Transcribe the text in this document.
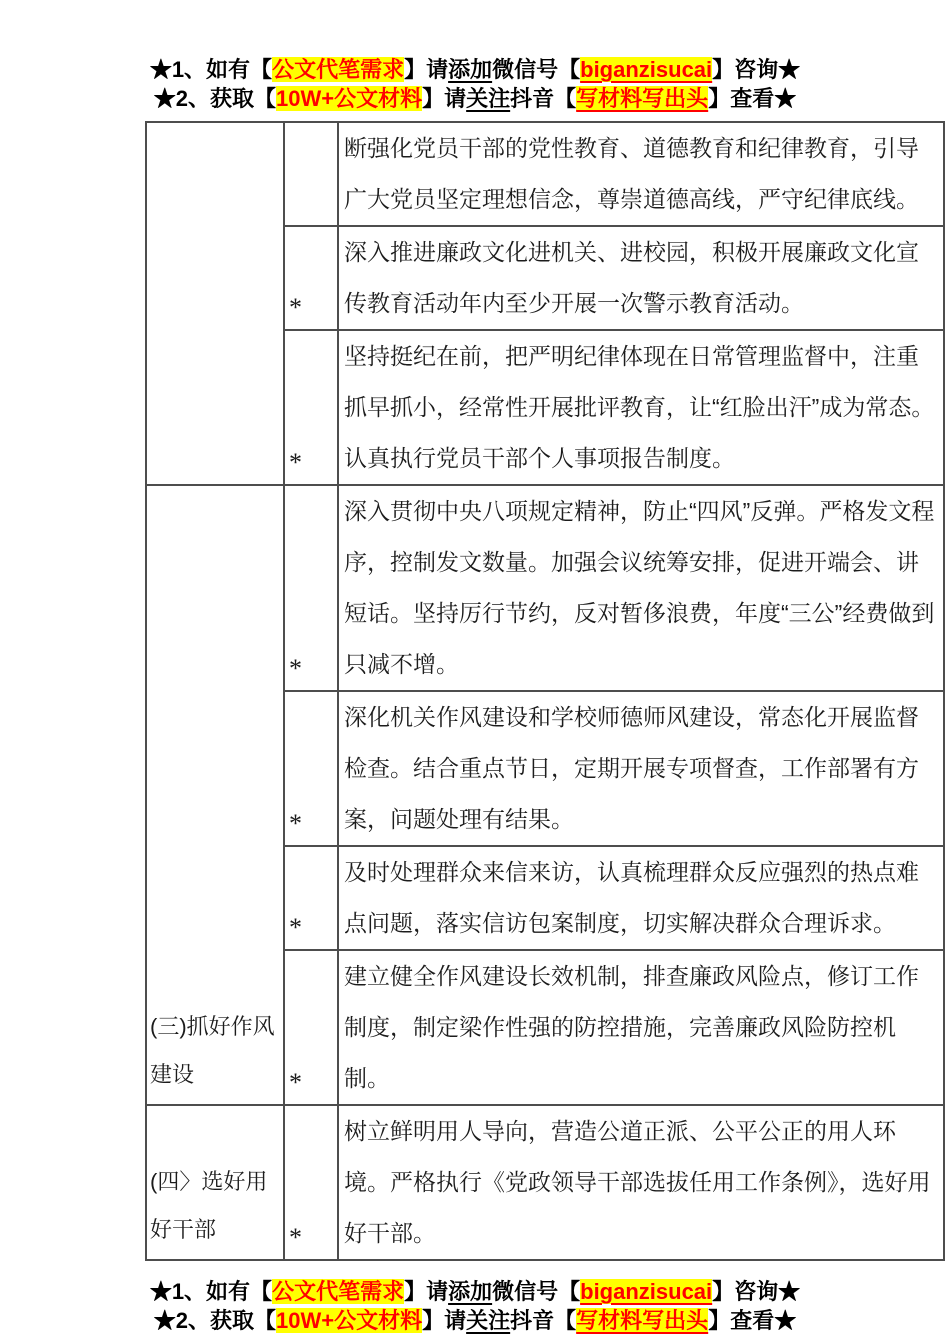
★1、如有【公文代笔需求】请添加微信号【biganzisucai】咨询★
★2、获取【10W+公文材料】请关注抖音【写材料写出头】查看★
		断强化党员干部的党性教育、道德教育和纪律教育，引导广大党员坚定理想信念，尊崇道德高线，严守纪律底线。
	*	深入推进廉政文化进机关、进校园，积极开展廉政文化宣传教育活动年内至少开展一次警示教育活动。
	*	坚持挺纪在前，把严明纪律体现在日常管理监督中，注重抓早抓小，经常性开展批评教育，让“红脸出汗”成为常态。认真执行党员干部个人事项报告制度。
(三)抓好作风建设	*	深入贯彻中央八项规定精神，防止“四风”反弹。严格发文程序，控制发文数量。加强会议统筹安排，促进开端会、讲短话。坚持厉行节约，反对暂侈浪费，年度“三公”经费做到只减不增。
	*	深化机关作风建设和学校师德师风建设，常态化开展监督检查。结合重点节日，定期开展专项督查，工作部署有方案，问题处理有结果。
	*	及时处理群众来信来访，认真梳理群众反应强烈的热点难点问题，落实信访包案制度，切实解决群众合理诉求。
	*	建立健全作风建设长效机制，排查廉政风险点，修订工作制度，制定梁作性强的防控措施，完善廉政风险防控机制。
(四〉选好用好干部	*	树立鲜明用人导向，营造公道正派、公平公正的用人环境。严格执行《党政领导干部选拔任用工作条例》，选好用好干部。
★1、如有【公文代笔需求】请添加微信号【biganzisucai】咨询★
★2、获取【10W+公文材料】请关注抖音【写材料写出头】查看★
